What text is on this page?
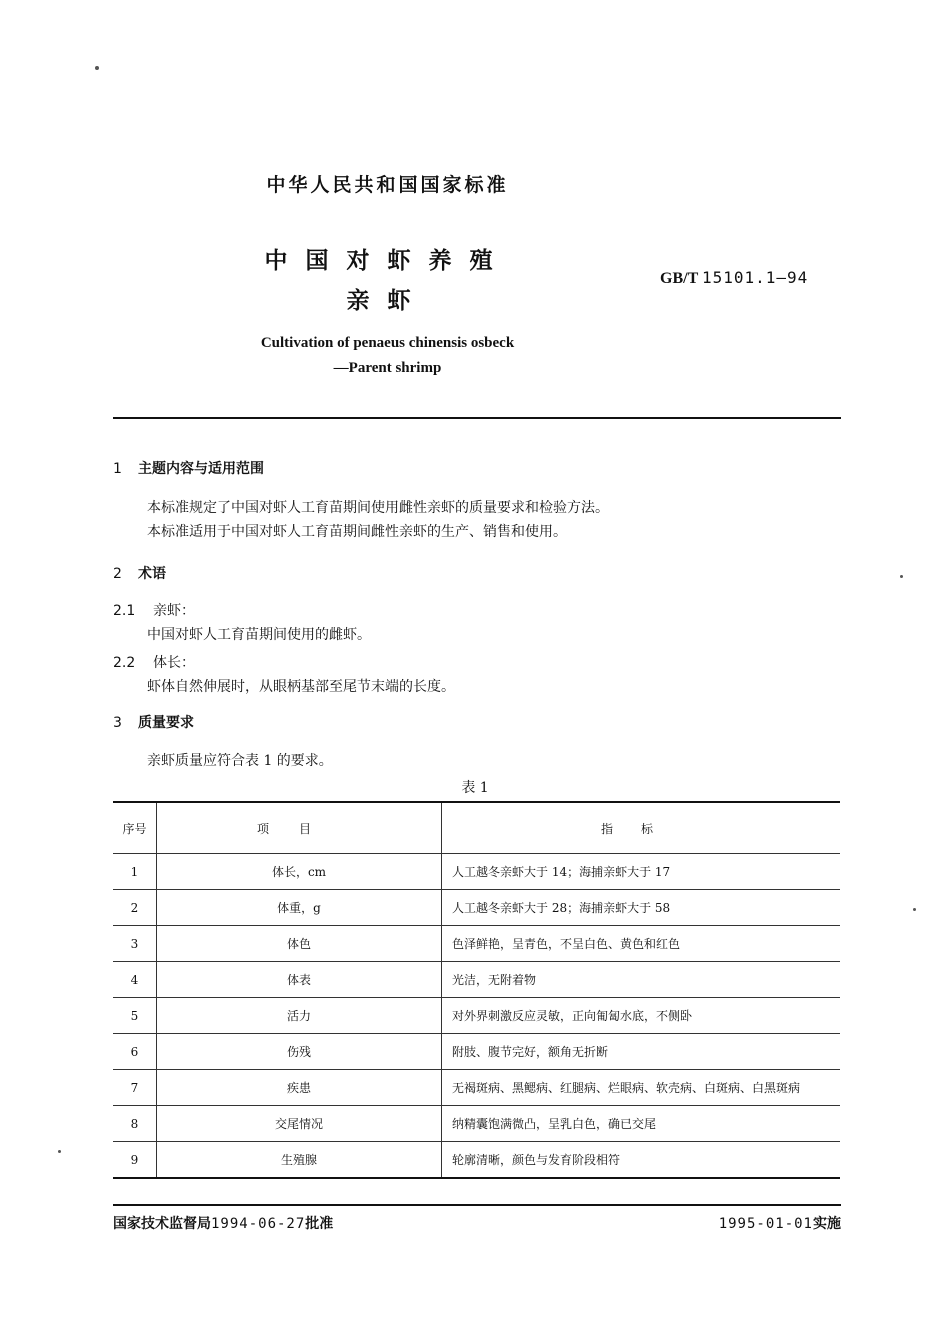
中华人民共和国国家标准
中国对虾养殖
亲虾
GB/T 15101.1—94
Cultivation of penaeus chinensis osbeck
—Parent shrimp
1 主题内容与适用范围
本标准规定了中国对虾人工育苗期间使用雌性亲虾的质量要求和检验方法。
本标准适用于中国对虾人工育苗期间雌性亲虾的生产、销售和使用。
2 术语
2.1 亲虾：
中国对虾人工育苗期间使用的雌虾。
2.2 体长：
虾体自然伸展时，从眼柄基部至尾节末端的长度。
3 质量要求
亲虾质量应符合表 1 的要求。
表 1
序号	项目	指标
1	体长，cm	人工越冬亲虾大于 14；海捕亲虾大于 17
2	体重，g	人工越冬亲虾大于 28；海捕亲虾大于 58
3	体色	色泽鲜艳，呈青色，不呈白色、黄色和红色
4	体表	光洁，无附着物
5	活力	对外界刺激反应灵敏，正向匍匐水底，不侧卧
6	伤残	附肢、腹节完好，额角无折断
7	疾患	无褐斑病、黑鳃病、红腿病、烂眼病、软壳病、白斑病、白黑斑病
8	交尾情况	纳精囊饱满微凸，呈乳白色，确已交尾
9	生殖腺	轮廓清晰，颜色与发育阶段相符
国家技术监督局1994-06-27批准	1995-01-01实施
